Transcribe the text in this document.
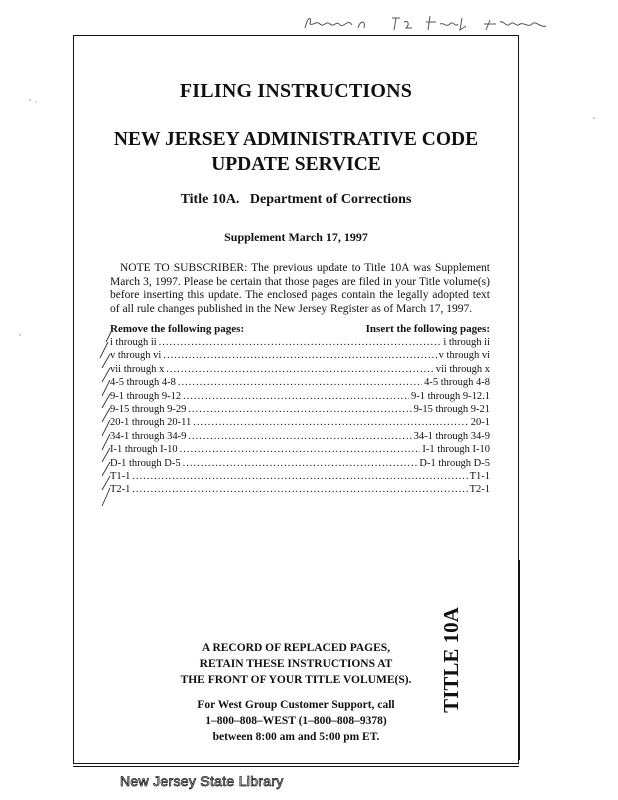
FILING INSTRUCTIONS
NEW JERSEY ADMINISTRATIVE CODE
UPDATE SERVICE
Title 10A.   Department of Corrections
Supplement March 17, 1997
NOTE TO SUBSCRIBER: The previous update to Title 10A was Supplement March 3, 1997. Please be certain that those pages are filed in your Title volume(s) before inserting this update. The enclosed pages contain the legally adopted text of all rule changes published in the New Jersey Register as of March 17, 1997.
Remove the following pages:	Insert the following pages:
i through ii .....	i through ii
v through vi .....	v through vi
vii through x .....	vii through x
4-5 through 4-8 .....	4-5 through 4-8
9-1 through 9-12 .....	9-1 through 9-12.1
9-15 through 9-29 .....	9-15 through 9-21
20-1 through 20-11 .....	20-1
34-1 through 34-9 .....	34-1 through 34-9
I-1 through I-10 .....	I-1 through I-10
D-1 through D-5 .....	D-1 through D-5
T1-1 .....	T1-1
T2-1 .....	T2-1
A RECORD OF REPLACED PAGES,
RETAIN THESE INSTRUCTIONS AT
THE FRONT OF YOUR TITLE VOLUME(S).
For West Group Customer Support, call
1–800–808–WEST (1–800–808–9378)
between 8:00 am and 5:00 pm ET.
TITLE 10A
New Jersey State Library
